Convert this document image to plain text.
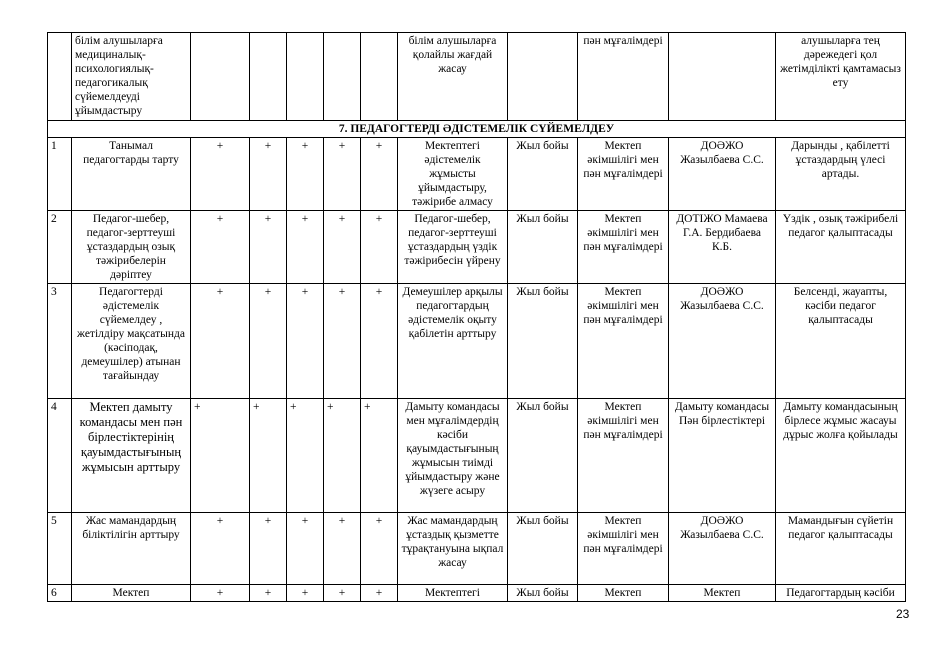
	білім алушыларға медициналық-психологиялық-педагогикалық сүйемелдеуді ұйымдастыру						білім алушыларға қолайлы жағдай жасау		пән мұғалімдері		алушыларға тең дәрежедегі қол жетімділікті қамтамасыз ету
7. ПЕДАГОГТЕРДІ ӘДІСТЕМЕЛІК СҮЙЕМЕЛДЕУ											
1	Танымал педагогтарды тарту	+	+	+	+	+	Мектептегі әдістемелік жұмысты ұйымдастыру, тәжірибе алмасу	Жыл бойы	Мектеп әкімшілігі мен пән мұғалімдері	ДОӘЖО Жазылбаева С.С.	Дарынды , қабілетті ұстаздардың үлесі артады.
2	Педагог-шебер, педагог-зерттеуші ұстаздардың озық тәжірибелерін дәріптеу	+	+	+	+	+	Педагог-шебер, педагог-зерттеуші ұстаздардың үздік тәжірибесін үйрену	Жыл бойы	Мектеп әкімшілігі мен пән мұғалімдері	ДОТІЖО Мамаева Г.А. Бердибаева К.Б.	Үздік , озық тәжірибелі педагог қалыптасады
3	Педагогтерді әдістемелік сүйемелдеу , жетілдіру мақсатында (кәсіподақ, демеушілер) атынан тағайындау	+	+	+	+	+	Демеушілер арқылы педагогтардың әдістемелік оқыту қабілетін арттыру	Жыл бойы	Мектеп әкімшілігі мен пән мұғалімдері	ДОӘЖО Жазылбаева С.С.	Белсенді, жауапты, кәсіби педагог қалыптасады
4	Мектеп дамыту командасы мен пән бірлестіктерінің қауымдастығының жұмысын арттыру	+	+	+	+	+	Дамыту командасы мен мұғалімдердің кәсіби қауымдастығының жұмысын тиімді ұйымдастыру және жүзеге асыру	Жыл бойы	Мектеп әкімшілігі мен пән мұғалімдері	Дамыту командасы Пән бірлестіктері	Дамыту командасының бірлесе жұмыс жасауы дұрыс жолға қойылады
5	Жас мамандардың біліктілігін арттыру	+	+	+	+	+	Жас мамандардың ұстаздық қызметте тұрақтануына ықпал жасау	Жыл бойы	Мектеп әкімшілігі мен пән мұғалімдері	ДОӘЖО Жазылбаева С.С.	Мамандығын сүйетін педагог қалыптасады
6	Мектеп	+	+	+	+	+	Мектептегі	Жыл бойы	Мектеп	Мектеп	Педагогтардың кәсіби
23
